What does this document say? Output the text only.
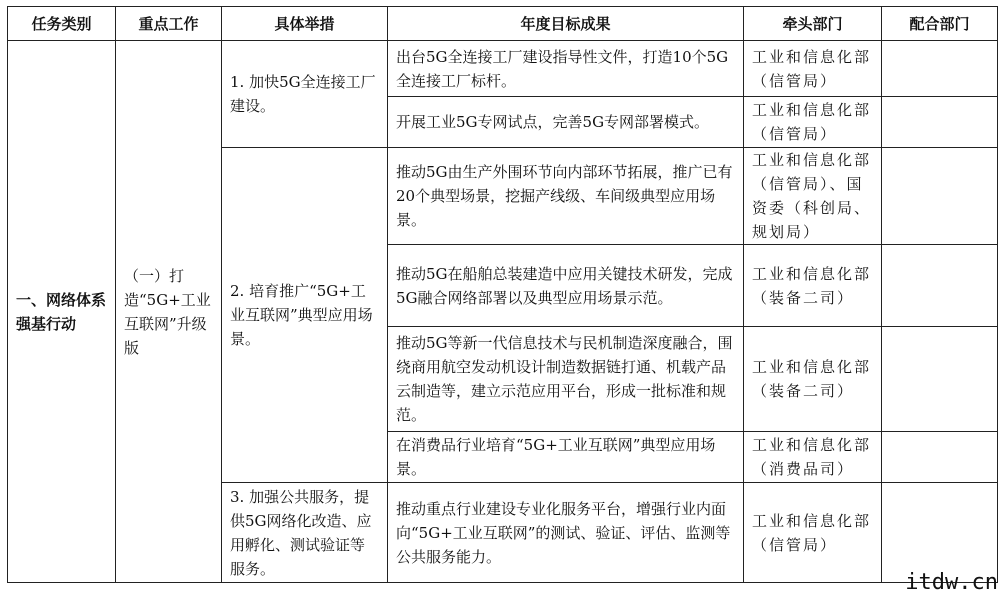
任务类别	重点工作	具体举措	年度目标成果	牵头部门	配合部门
一、网络体系强基行动	（一）打造“5G+工业互联网”升级版	1. 加快5G全连接工厂建设。	出台5G全连接工厂建设指导性文件，打造10个5G全连接工厂标杆。	工业和信息化部（信管局）	
			开展工业5G专网试点，完善5G专网部署模式。	工业和信息化部（信管局）	
		2. 培育推广“5G+工业互联网”典型应用场景。	推动5G由生产外围环节向内部环节拓展，推广已有20个典型场景，挖掘产线级、车间级典型应用场景。	工业和信息化部（信管局）、国资委（科创局、规划局）	
			推动5G在船舶总装建造中应用关键技术研发，完成5G融合网络部署以及典型应用场景示范。	工业和信息化部（装备二司）	
			推动5G等新一代信息技术与民机制造深度融合，围绕商用航空发动机设计制造数据链打通、机载产品云制造等，建立示范应用平台，形成一批标准和规范。	工业和信息化部（装备二司）	
			在消费品行业培育“5G+工业互联网”典型应用场景。	工业和信息化部（消费品司）	
		3. 加强公共服务，提供5G网络化改造、应用孵化、测试验证等服务。	推动重点行业建设专业化服务平台，增强行业内面向“5G+工业互联网”的测试、验证、评估、监测等公共服务能力。	工业和信息化部（信管局）	
itdw.cn
